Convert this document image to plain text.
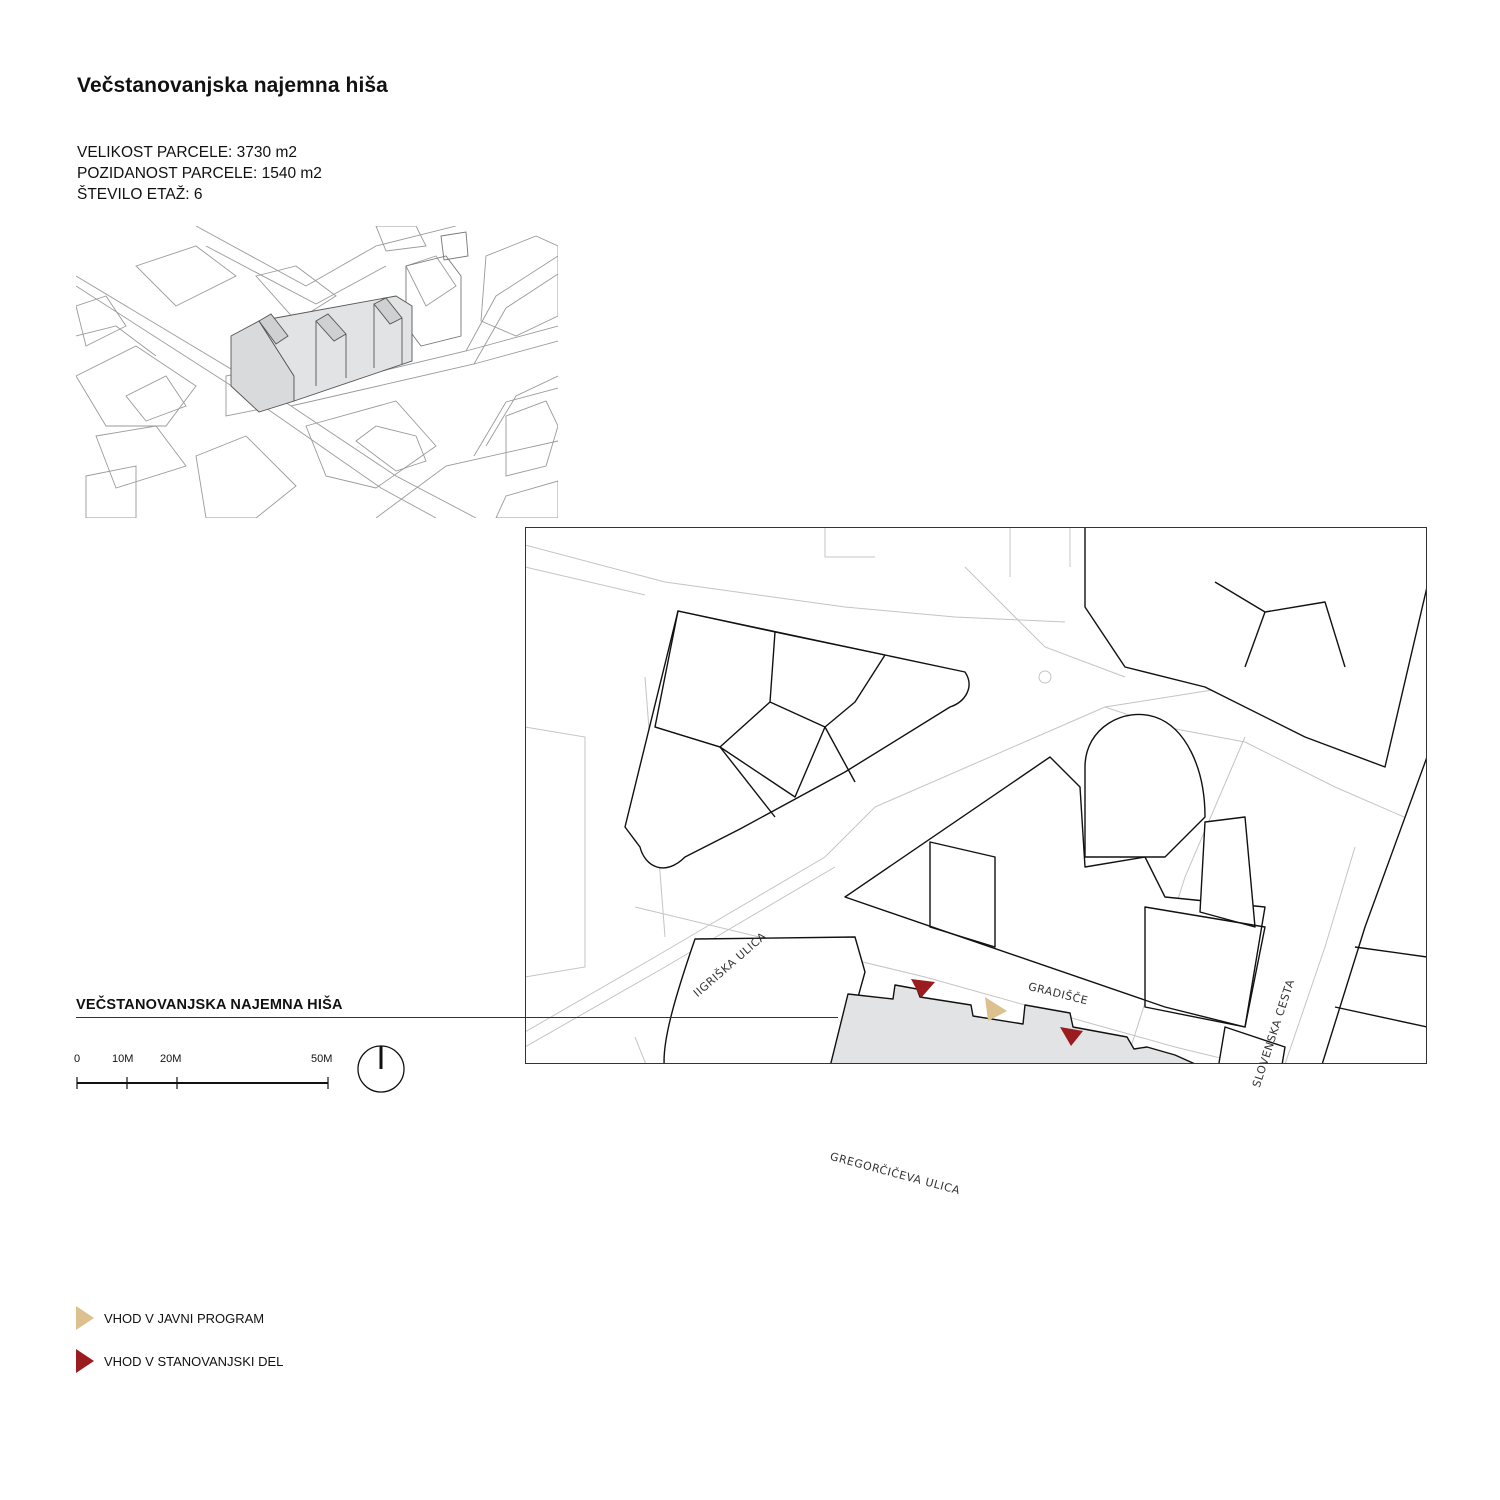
Večstanovanjska najemna hiša
VELIKOST PARCELE: 3730 m2
POZIDANOST PARCELE: 1540 m2
ŠTEVILO ETAŽ: 6
IIGRIŠKA ULICA	GRADIŠČE	SLOVENSKA CESTA
GREGORČIČEVA ULICA
VEČSTANOVANJSKA NAJEMNA HIŠA
VHOD V JAVNI PROGRAM
VHOD V STANOVANJSKI DEL
0	10M 20M	50M
